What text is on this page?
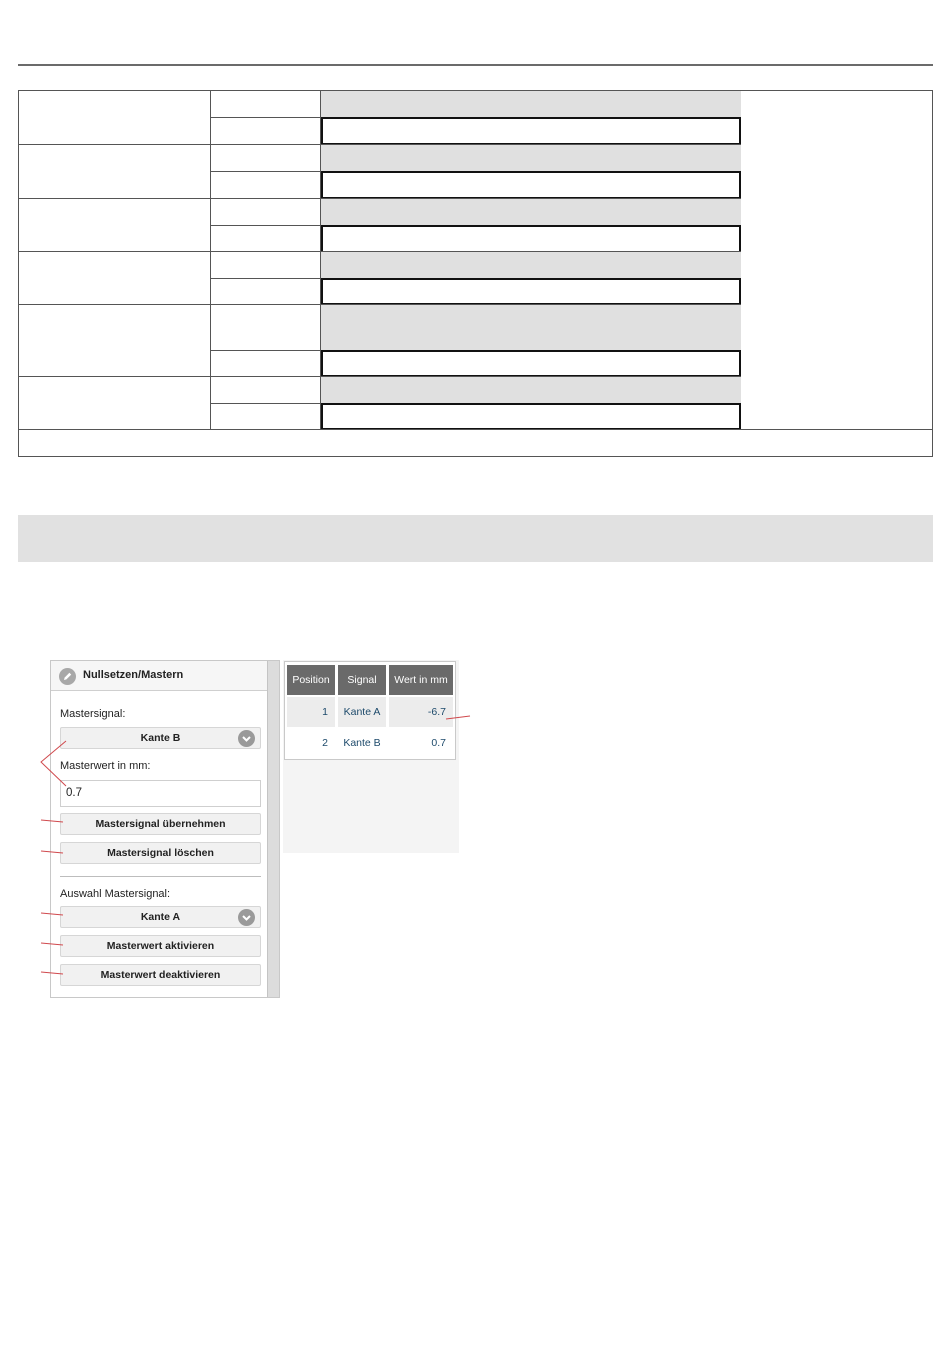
Nullsetzen/Mastern
Mastersignal:
Kante B
Masterwert in mm:
0.7
Mastersignal übernehmen
Mastersignal löschen
Auswahl Mastersignal:
Kante A
Masterwert aktivieren
Masterwert deaktivieren
Position	Signal	Wert in mm
1	Kante A	-6.7
2	Kante B	0.7
